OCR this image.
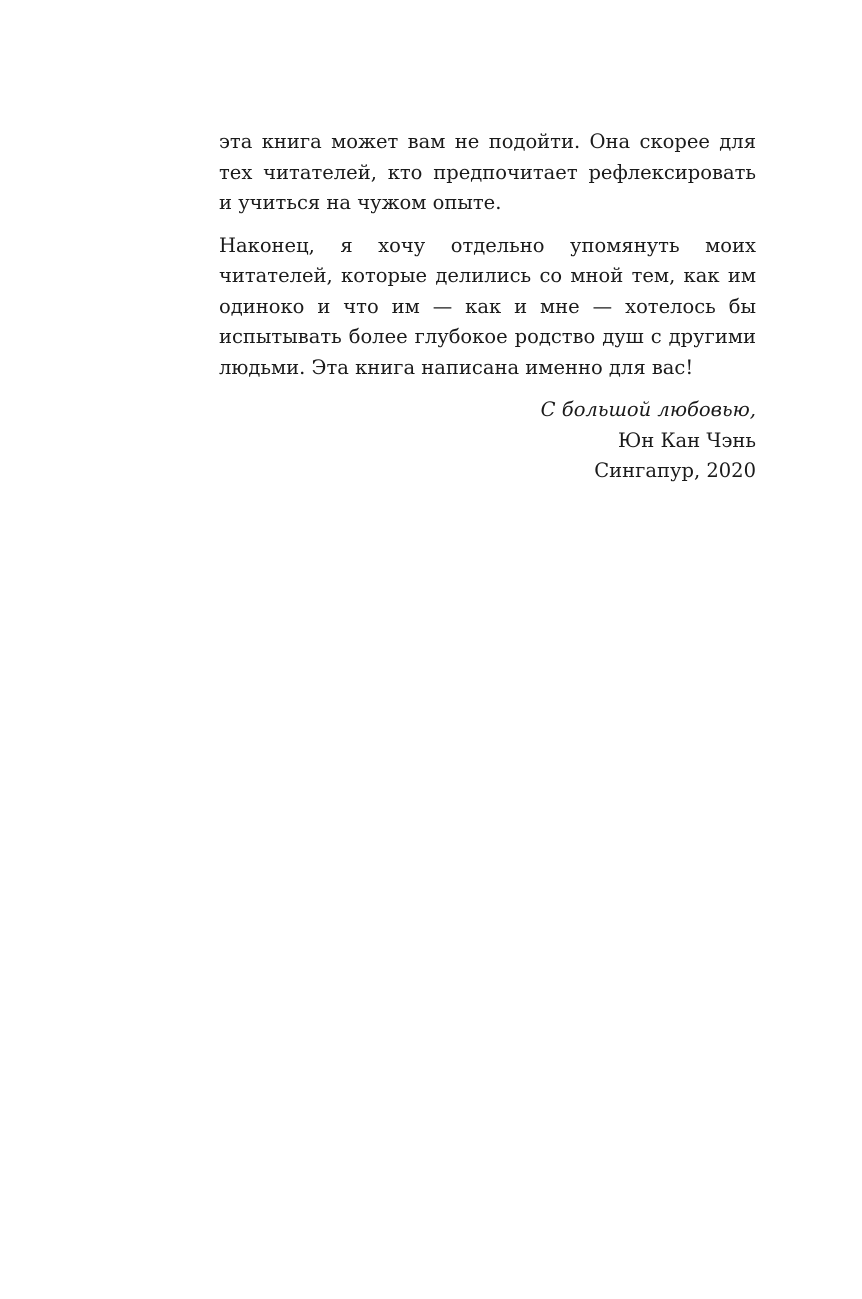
эта книга может вам не подойти. Она скорее для тех читателей, кто предпочитает рефлексировать и учиться на чужом опыте.

Наконец, я хочу отдельно упомянуть моих читателей, которые делились со мной тем, как им одиноко и что им — как и мне — хотелось бы испытывать более глубокое родство душ с другими людьми. Эта книга написана именно для вас!

С большой любовью,
Юн Кан Чэнь
Сингапур, 2020
